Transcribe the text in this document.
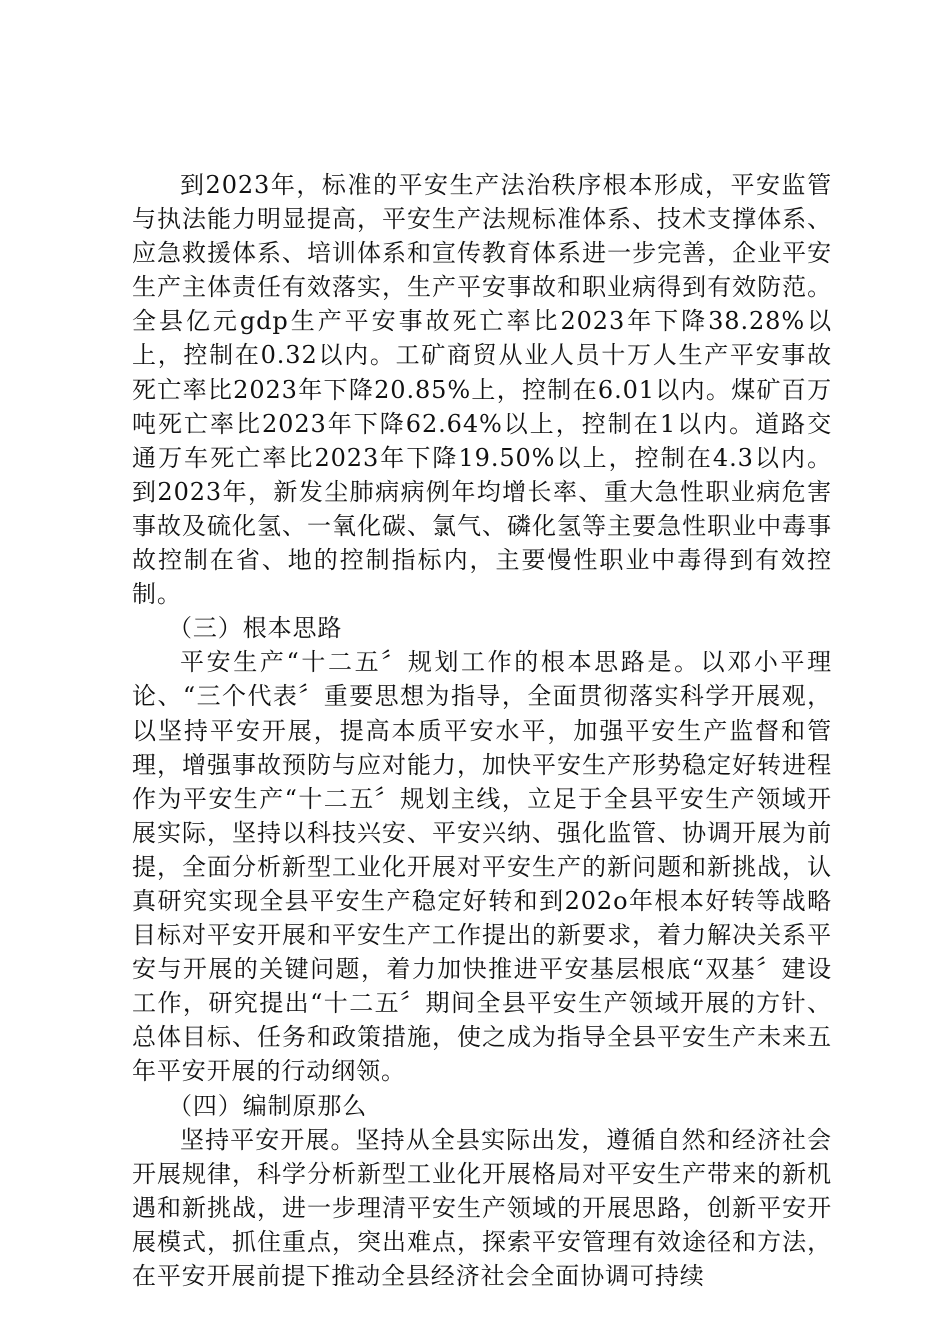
到2023年，标准的平安生产法治秩序根本形成，平安监管与执法能力明显提高，平安生产法规标准体系、技术支撑体系、应急救援体系、培训体系和宣传教育体系进一步完善，企业平安生产主体责任有效落实，生产平安事故和职业病得到有效防范。全县亿元gdp生产平安事故死亡率比2023年下降38.28%以上，控制在0.32以内。工矿商贸从业人员十万人生产平安事故死亡率比2023年下降20.85%上，控制在6.01以内。煤矿百万吨死亡率比2023年下降62.64%以上，控制在1以内。道路交通万车死亡率比2023年下降19.50%以上，控制在4.3以内。到2023年，新发尘肺病病例年均增长率、重大急性职业病危害事故及硫化氢、一氧化碳、氯气、磷化氢等主要急性职业中毒事故控制在省、地的控制指标内，主要慢性职业中毒得到有效控制。

（三）根本思路

平安生产“十二五〞规划工作的根本思路是。以邓小平理论、“三个代表〞重要思想为指导，全面贯彻落实科学开展观，以坚持平安开展，提高本质平安水平，加强平安生产监督和管理，增强事故预防与应对能力，加快平安生产形势稳定好转进程作为平安生产“十二五〞规划主线，立足于全县平安生产领域开展实际，坚持以科技兴安、平安兴纳、强化监管、协调开展为前提，全面分析新型工业化开展对平安生产的新问题和新挑战，认真研究实现全县平安生产稳定好转和到202o年根本好转等战略目标对平安开展和平安生产工作提出的新要求，着力解决关系平安与开展的关键问题，着力加快推进平安基层根底“双基〞建设工作，研究提出“十二五〞期间全县平安生产领域开展的方针、总体目标、任务和政策措施，使之成为指导全县平安生产未来五年平安开展的行动纲领。

（四）编制原那么

坚持平安开展。坚持从全县实际出发，遵循自然和经济社会开展规律，科学分析新型工业化开展格局对平安生产带来的新机遇和新挑战，进一步理清平安生产领域的开展思路，创新平安开展模式，抓住重点，突出难点，探索平安管理有效途径和方法，在平安开展前提下推动全县经济社会全面协调可持续
